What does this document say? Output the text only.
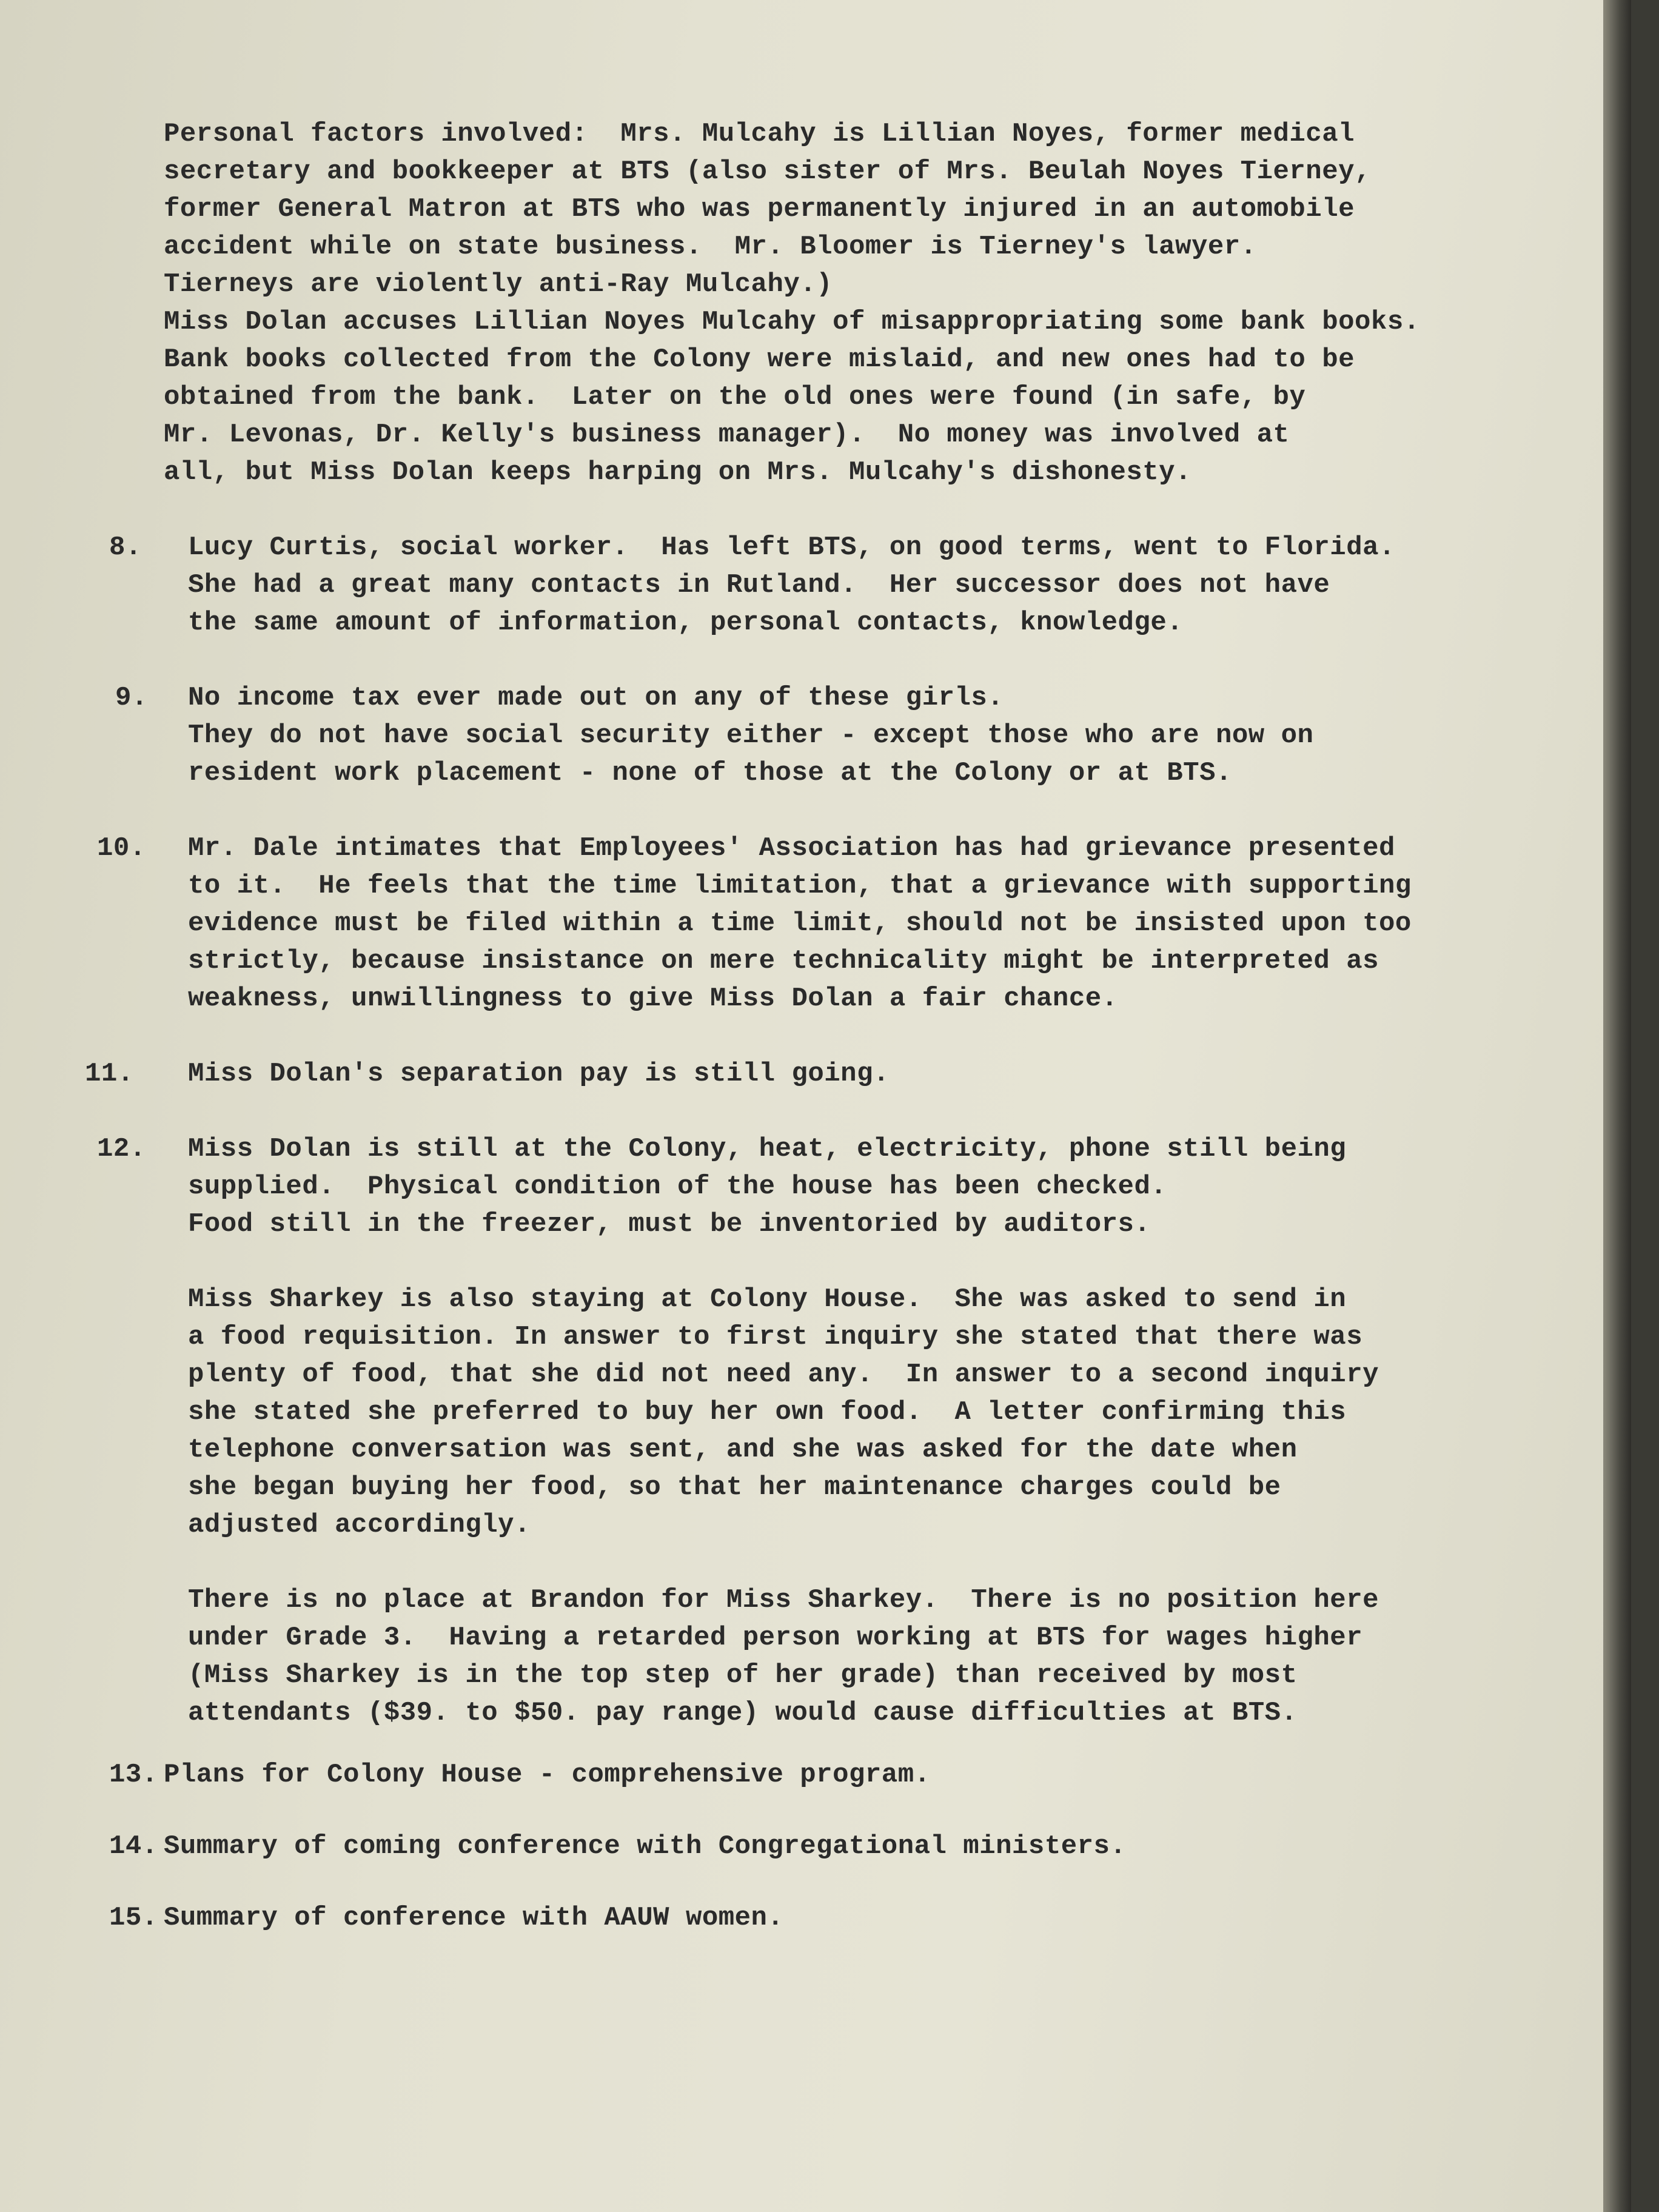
Personal factors involved:  Mrs. Mulcahy is Lillian Noyes, former medical
secretary and bookkeeper at BTS (also sister of Mrs. Beulah Noyes Tierney,
former General Matron at BTS who was permanently injured in an automobile
accident while on state business.  Mr. Bloomer is Tierney's lawyer.
Tierneys are violently anti-Ray Mulcahy.)
Miss Dolan accuses Lillian Noyes Mulcahy of misappropriating some bank books.
Bank books collected from the Colony were mislaid, and new ones had to be
obtained from the bank.  Later on the old ones were found (in safe, by
Mr. Levonas, Dr. Kelly's business manager).  No money was involved at
all, but Miss Dolan keeps harping on Mrs. Mulcahy's dishonesty.
8.	Lucy Curtis, social worker.  Has left BTS, on good terms, went to Florida.
She had a great many contacts in Rutland.  Her successor does not have
the same amount of information, personal contacts, knowledge.
9.	No income tax ever made out on any of these girls.
They do not have social security either - except those who are now on
resident work placement - none of those at the Colony or at BTS.
10.	Mr. Dale intimates that Employees' Association has had grievance presented
to it.  He feels that the time limitation, that a grievance with supporting
evidence must be filed within a time limit, should not be insisted upon too
strictly, because insistance on mere technicality might be interpreted as
weakness, unwillingness to give Miss Dolan a fair chance.
11.	Miss Dolan's separation pay is still going.
12.	Miss Dolan is still at the Colony, heat, electricity, phone still being
supplied.  Physical condition of the house has been checked.
Food still in the freezer, must be inventoried by auditors.
Miss Sharkey is also staying at Colony House.  She was asked to send in
a food requisition. In answer to first inquiry she stated that there was
plenty of food, that she did not need any.  In answer to a second inquiry
she stated she preferred to buy her own food.  A letter confirming this
telephone conversation was sent, and she was asked for the date when
she began buying her food, so that her maintenance charges could be
adjusted accordingly.
There is no place at Brandon for Miss Sharkey.  There is no position here
under Grade 3.  Having a retarded person working at BTS for wages higher
(Miss Sharkey is in the top step of her grade) than received by most
attendants ($39. to $50. pay range) would cause difficulties at BTS.
13. Plans for Colony House - comprehensive program.
14. Summary of coming conference with Congregational ministers.
15. Summary of conference with AAUW women.
